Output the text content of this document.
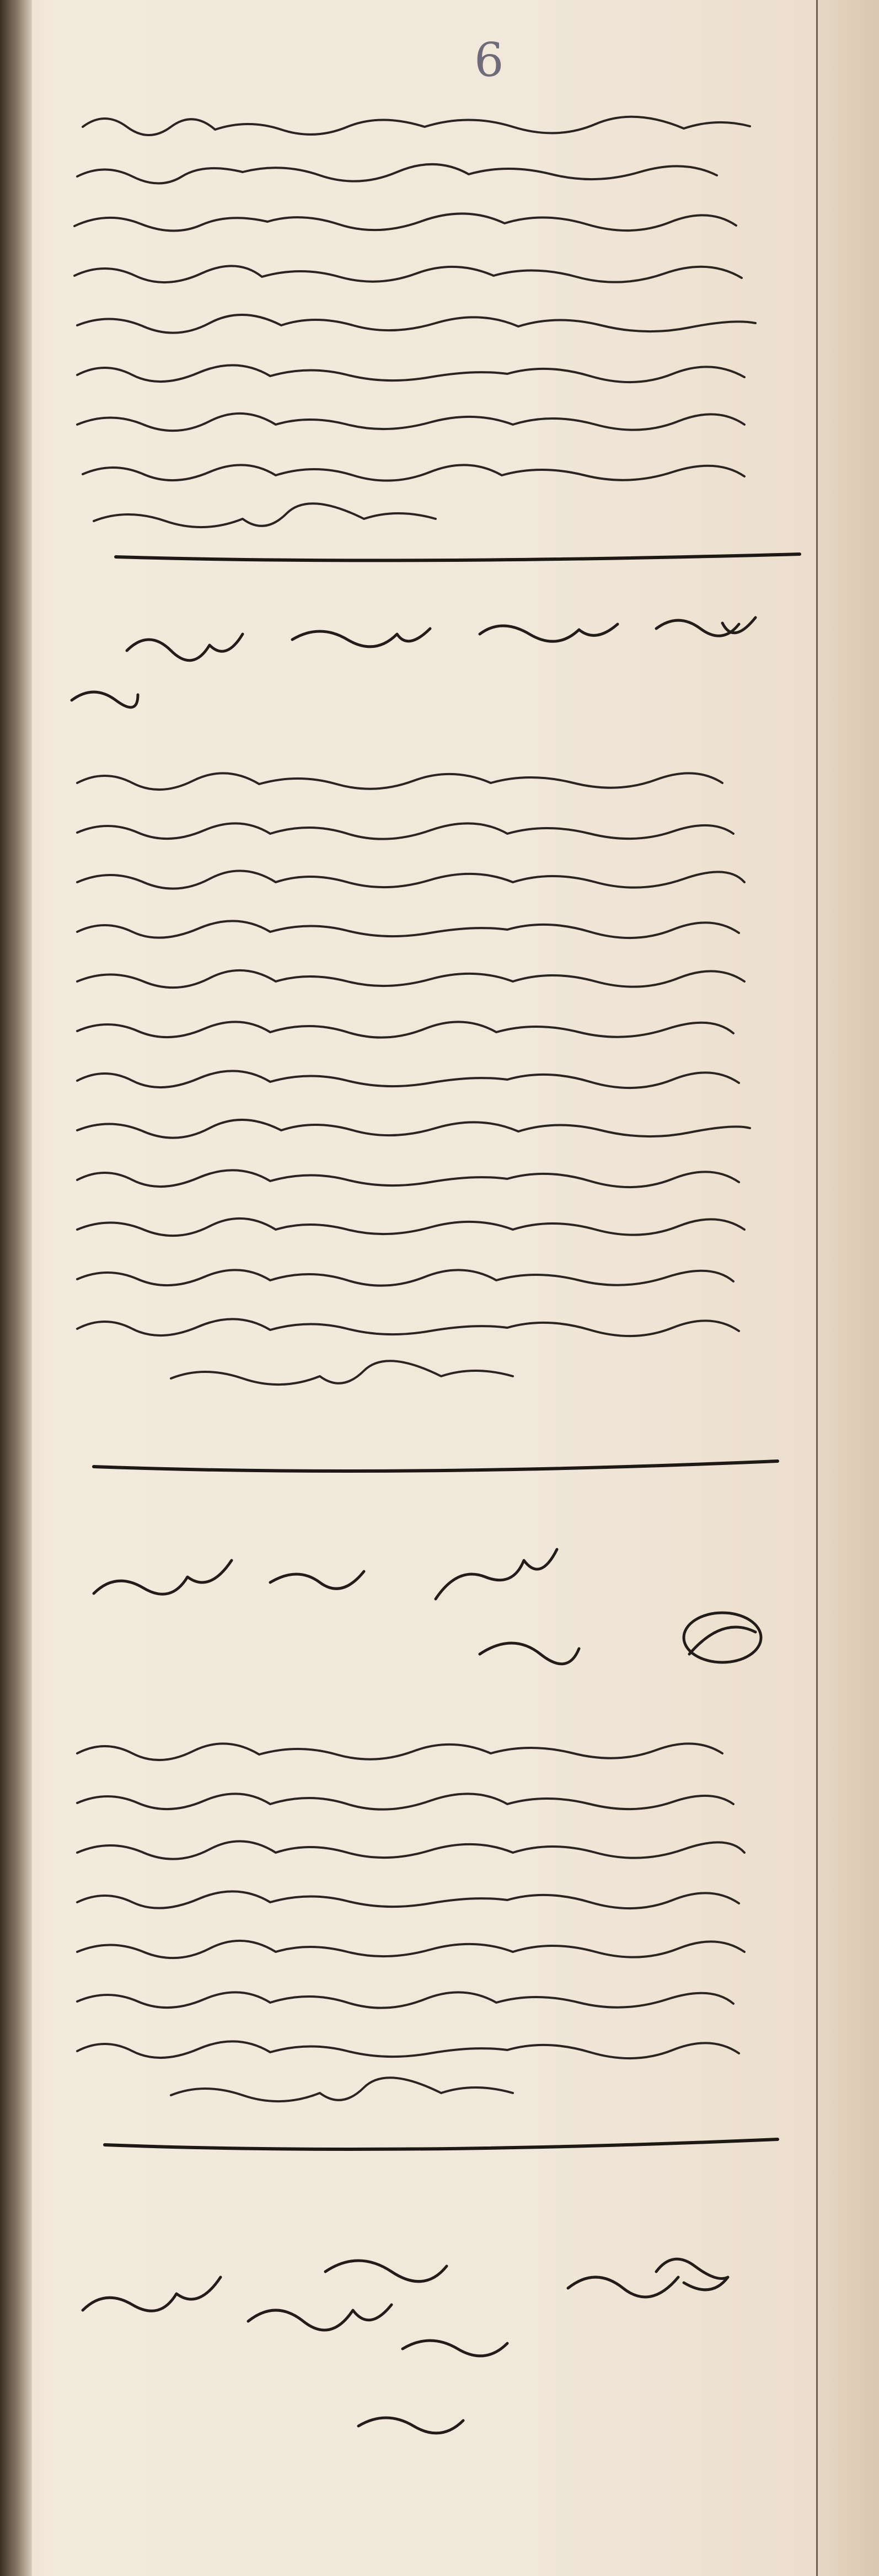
6
